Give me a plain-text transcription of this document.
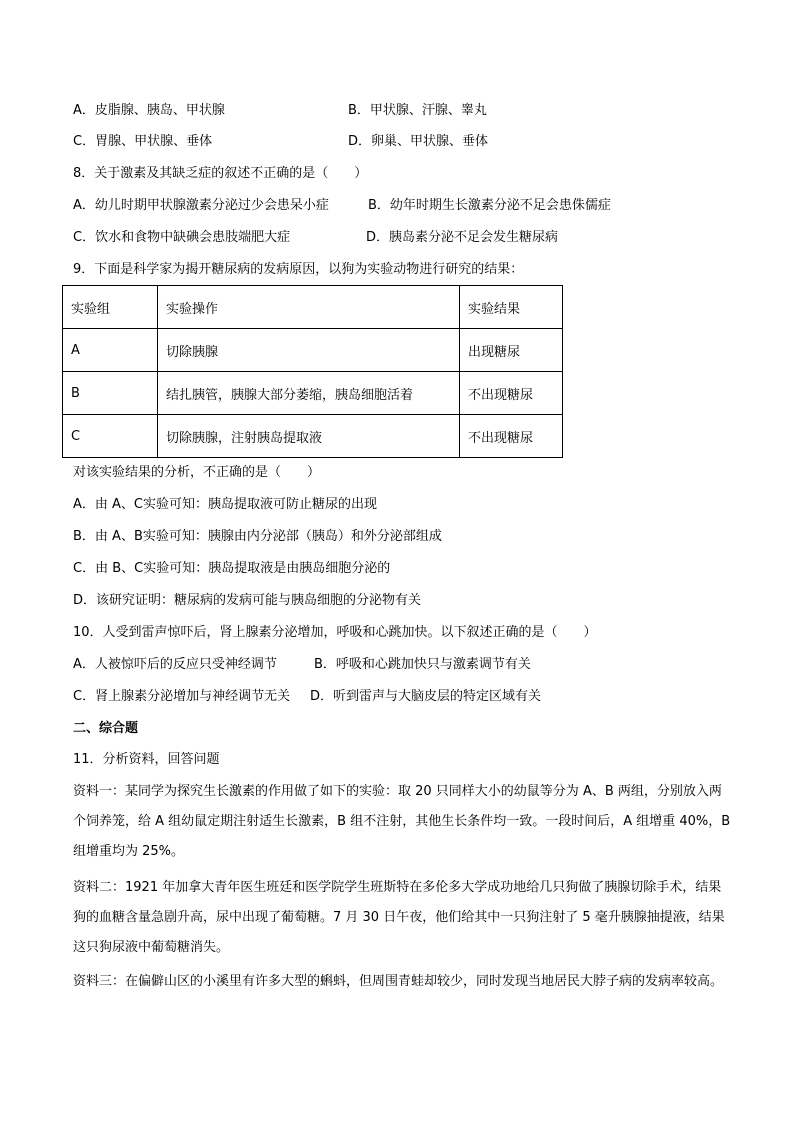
A．皮脂腺、胰岛、甲状腺	B．甲状腺、汗腺、睾丸
C．胃腺、甲状腺、垂体	D．卵巢、甲状腺、垂体
8．关于激素及其缺乏症的叙述不正确的是（　　）
A．幼儿时期甲状腺激素分泌过少会患呆小症	B．幼年时期生长激素分泌不足会患侏儒症
C．饮水和食物中缺碘会患肢端肥大症	D．胰岛素分泌不足会发生糖尿病
9．下面是科学家为揭开糖尿病的发病原因，以狗为实验动物进行研究的结果：
实验组	实验操作	实验结果
A	切除胰腺	出现糖尿
B	结扎胰管，胰腺大部分萎缩，胰岛细胞活着	不出现糖尿
C	切除胰腺，注射胰岛提取液	不出现糖尿
对该实验结果的分析，不正确的是（　　）
A．由 A、C实验可知：胰岛提取液可防止糖尿的出现
B．由 A、B实验可知：胰腺由内分泌部（胰岛）和外分泌部组成
C．由 B、C实验可知：胰岛提取液是由胰岛细胞分泌的
D．该研究证明：糖尿病的发病可能与胰岛细胞的分泌物有关
10．人受到雷声惊吓后，肾上腺素分泌增加，呼吸和心跳加快。以下叙述正确的是（　　）
A．人被惊吓后的反应只受神经调节	B．呼吸和心跳加快只与激素调节有关
C．肾上腺素分泌增加与神经调节无关 D．听到雷声与大脑皮层的特定区域有关
二、综合题
11．分析资料，回答问题
资料一：某同学为探究生长激素的作用做了如下的实验：取 20 只同样大小的幼鼠等分为 A、B 两组，分别放入两个饲养笼，给 A 组幼鼠定期注射适生长激素，B 组不注射，其他生长条件均一致。一段时间后，A 组增重 40%，B 组增重均为 25%。
资料二：1921 年加拿大青年医生班廷和医学院学生班斯特在多伦多大学成功地给几只狗做了胰腺切除手术，结果狗的血糖含量急剧升高，尿中出现了葡萄糖。7 月 30 日午夜，他们给其中一只狗注射了 5 毫升胰腺抽提液，结果这只狗尿液中葡萄糖消失。
资料三：在偏僻山区的小溪里有许多大型的蝌蚪，但周围青蛙却较少，同时发现当地居民大脖子病的发病率较高。
